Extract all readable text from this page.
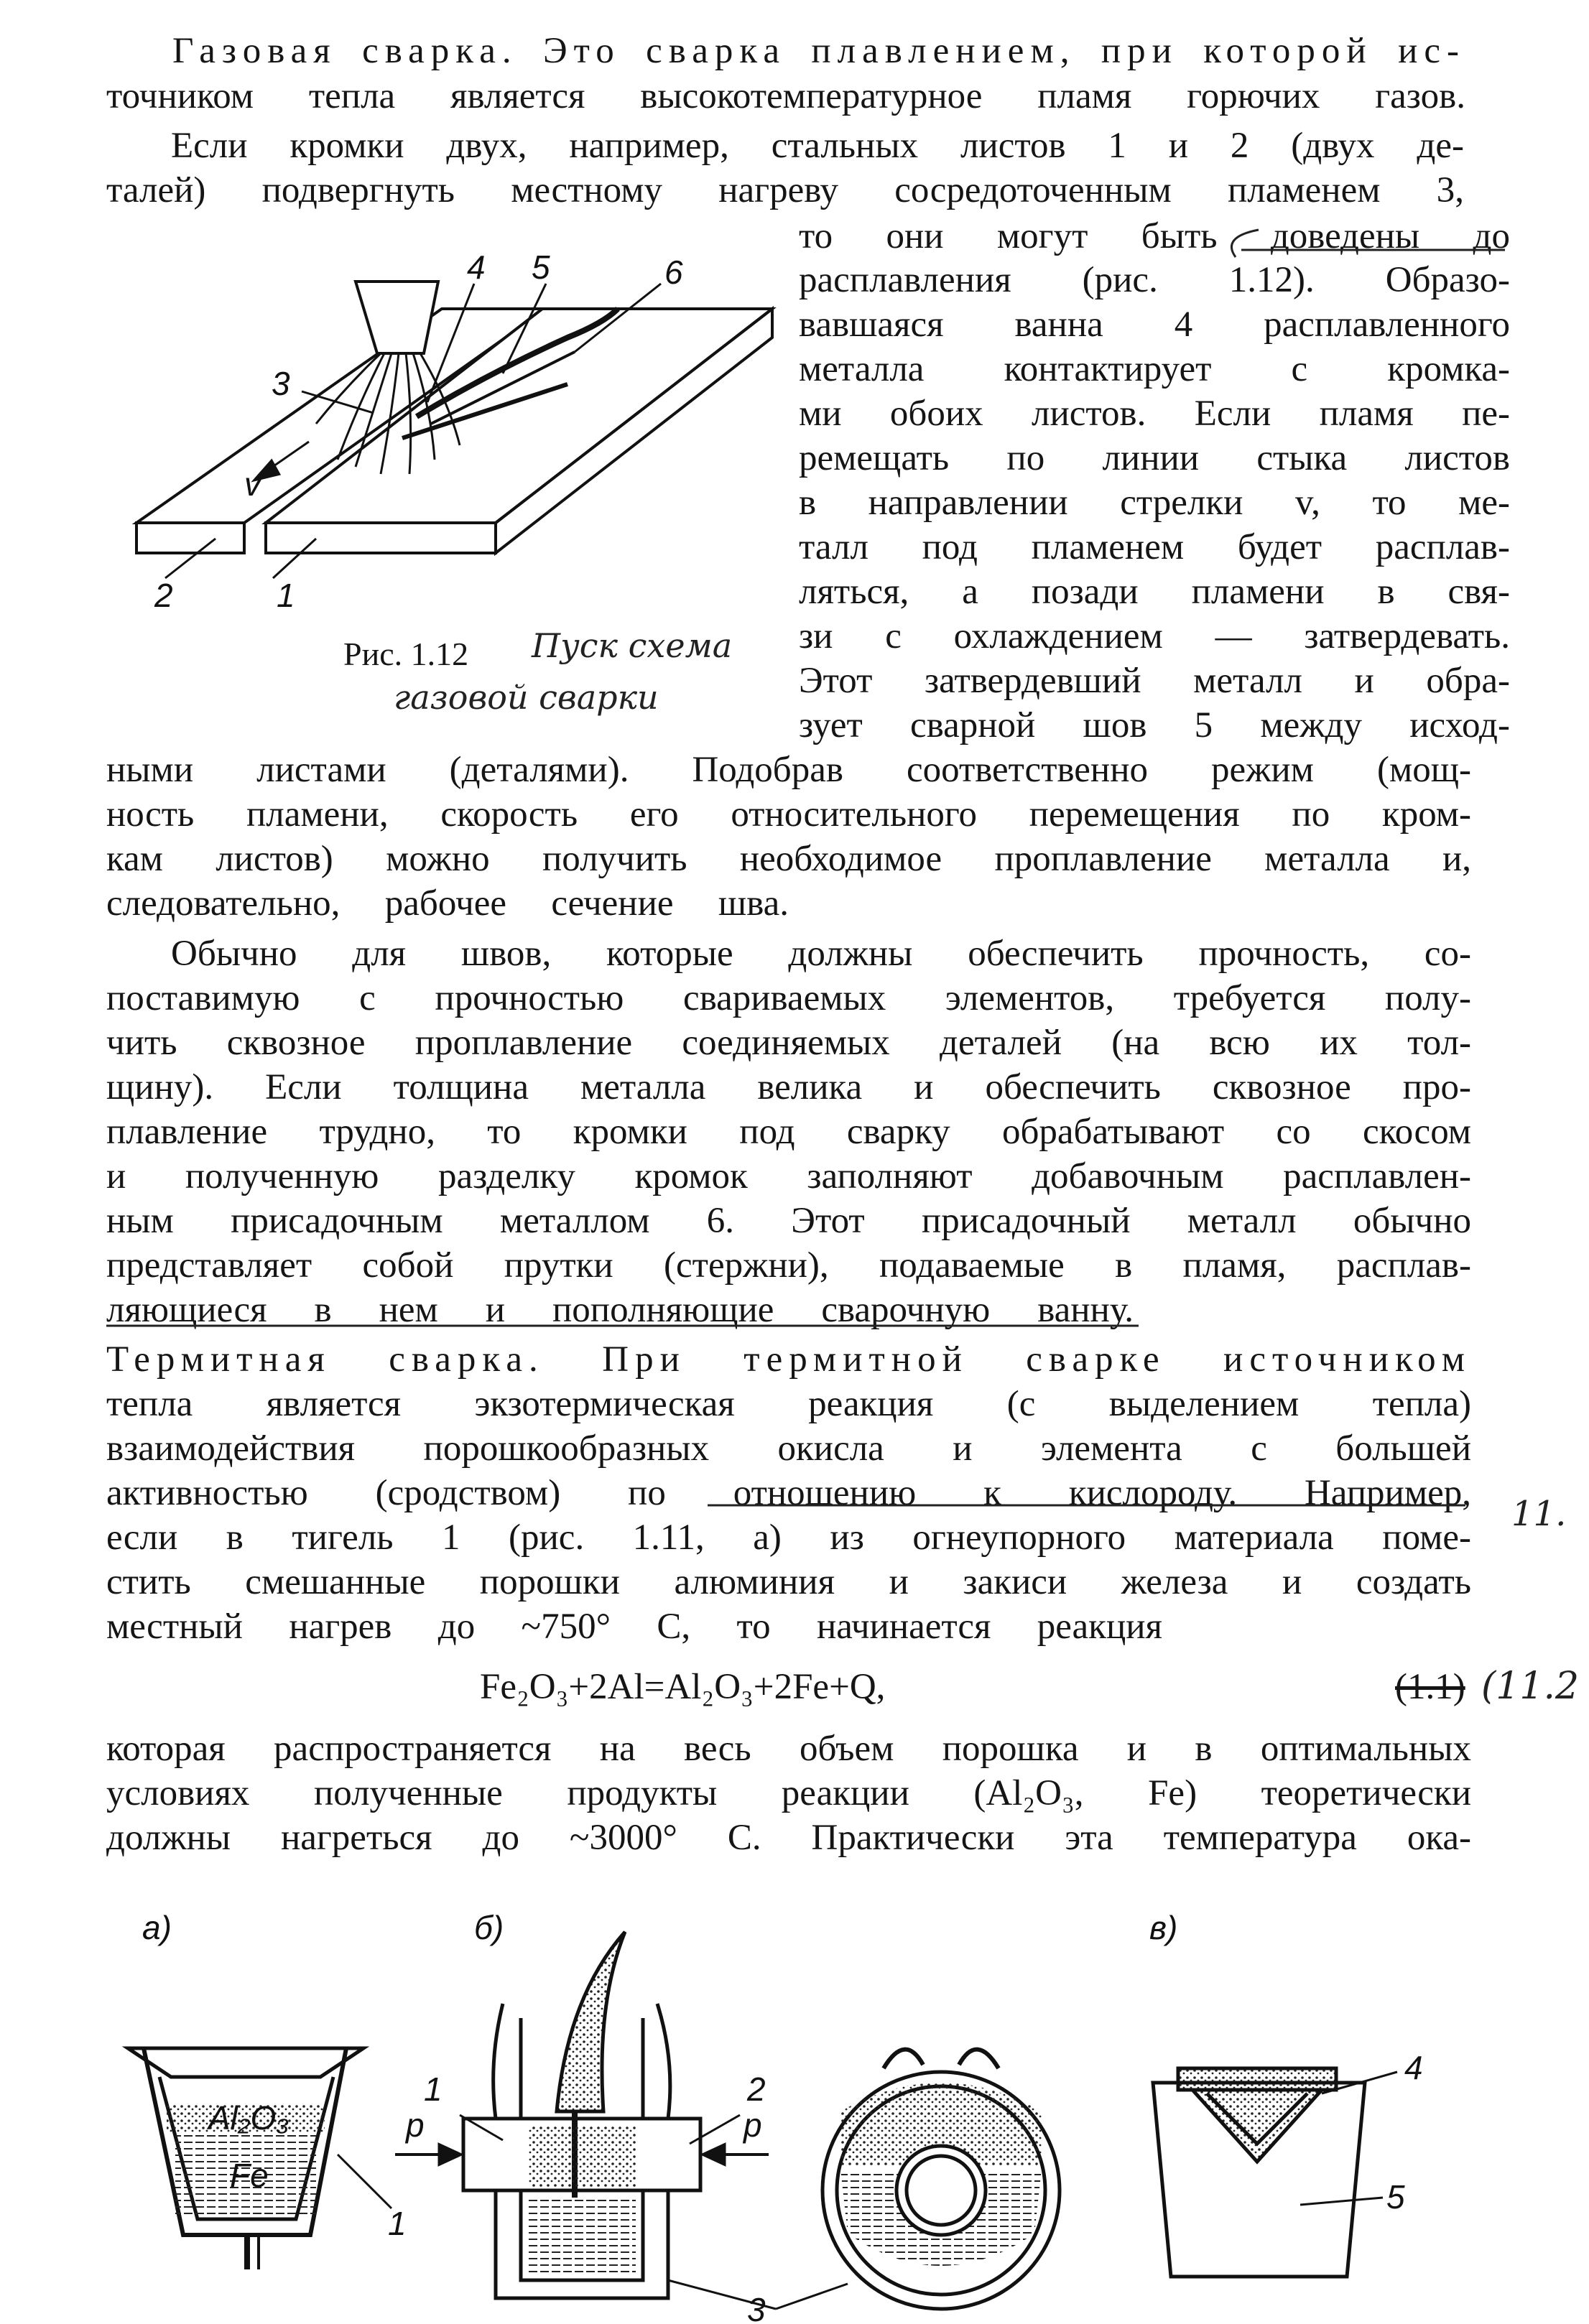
Газовая сварка. Это сварка плавлением, при которой ис-
точником тепла является высокотемпературное пламя горючих газов.
Если кромки двух, например, стальных листов 1 и 2 (двух де-
талей) подвергнуть местному нагреву сосредоточенным пламенем 3,
то они могут быть доведены до
расплавления (рис. 1.12). Образо-
вавшаяся ванна 4 расплавленного
металла контактирует с кромка-
ми обоих листов. Если пламя пе-
ремещать по линии стыка листов
в направлении стрелки v, то ме-
талл под пламенем будет расплав-
ляться, а позади пламени в свя-
зи с охлаждением — затвердевать.
Этот затвердевший металл и обра-
зует сварной шов 5 между исход-
ными листами (деталями). Подобрав соответственно режим (мощ-
ность пламени, скорость его относительного перемещения по кром-
кам листов) можно получить необходимое проплавление металла и,
следовательно, рабочее сечение шва.
Обычно для швов, которые должны обеспечить прочность, со-
поставимую с прочностью свариваемых элементов, требуется полу-
чить сквозное проплавление соединяемых деталей (на всю их тол-
щину). Если толщина металла велика и обеспечить сквозное про-
плавление трудно, то кромки под сварку обрабатывают со скосом
и полученную разделку кромок заполняют добавочным расплавлен-
ным присадочным металлом 6. Этот присадочный металл обычно
представляет собой прутки (стержни), подаваемые в пламя, расплав-
ляющиеся в нем и пополняющие сварочную ванну.
Термитная сварка. При термитной сварке источником
тепла является экзотермическая реакция (с выделением тепла)
взаимодействия порошкообразных окисла и элемента с большей
активностью (сродством) по отношению к кислороду. Например,
если в тигель 1 (рис. 1.11, а) из огнеупорного материала поме-
стить смешанные порошки алюминия и закиси железа и создать
местный нагрев до ~750° С, то начинается реакция
Fe₂O₃+2Al=Al₂O₃+2Fe+Q,	(1.1)
11.
(11.2
которая распространяется на весь объем порошка и в оптимальных
условиях полученные продукты реакции (Al₂O₃, Fe) теоретически
должны нагреться до ~3000° С. Практически эта температура ока-
Рис. 1.12 Пуск схема
газовой сварки
4 5	6
3
v
2	1
а)	б)	в)
Al₂O₃
Fe
1
p	p
1	2
3
4
5
